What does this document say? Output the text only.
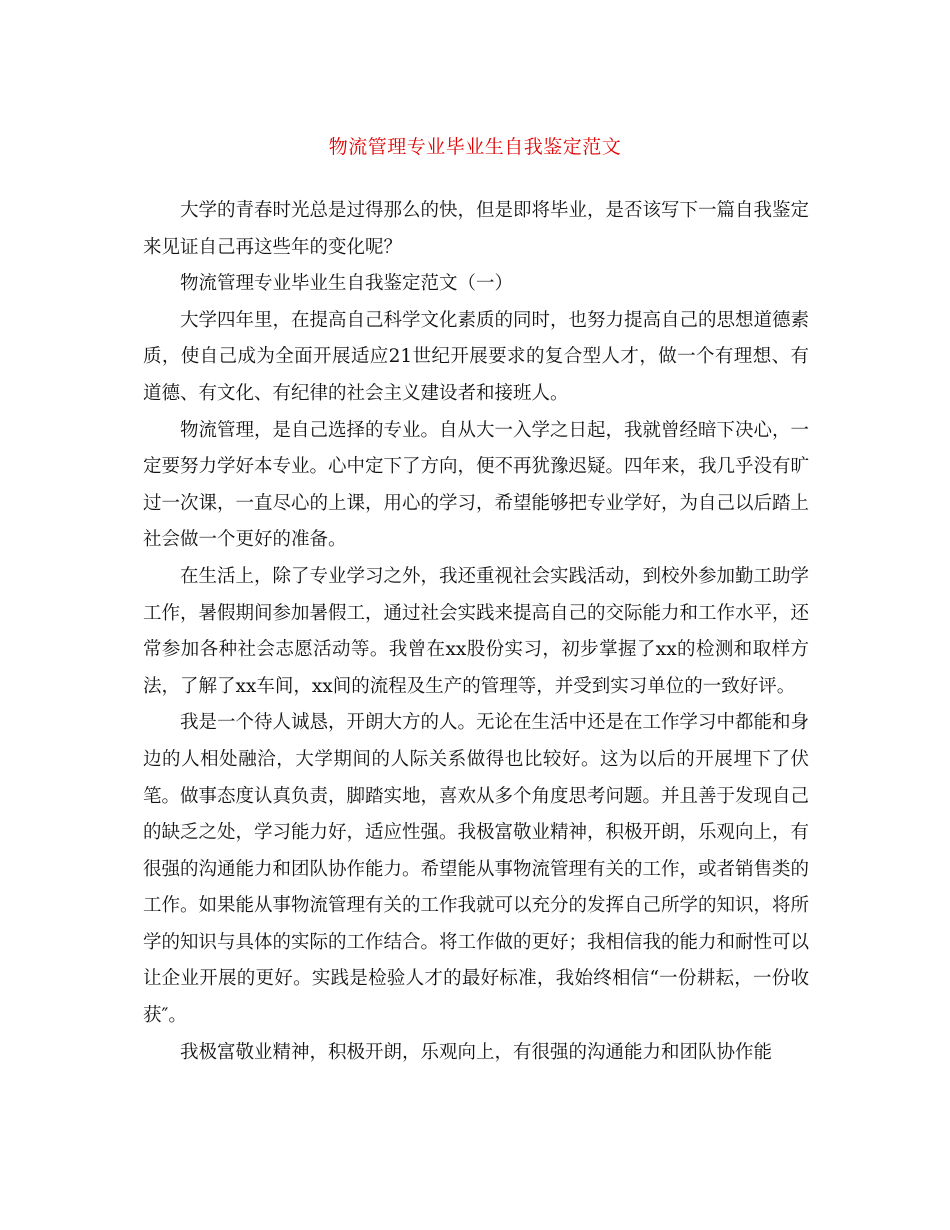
物流管理专业毕业生自我鉴定范文

大学的青春时光总是过得那么的快，但是即将毕业，是否该写下一篇自我鉴定来见证自己再这些年的变化呢？

物流管理专业毕业生自我鉴定范文（一）

大学四年里，在提高自己科学文化素质的同时，也努力提高自己的思想道德素质，使自己成为全面开展适应21世纪开展要求的复合型人才，做一个有理想、有道德、有文化、有纪律的社会主义建设者和接班人。

物流管理，是自己选择的专业。自从大一入学之日起，我就曾经暗下决心，一定要努力学好本专业。心中定下了方向，便不再犹豫迟疑。四年来，我几乎没有旷过一次课，一直尽心的上课，用心的学习，希望能够把专业学好，为自己以后踏上社会做一个更好的准备。

在生活上，除了专业学习之外，我还重视社会实践活动，到校外参加勤工助学工作，暑假期间参加暑假工，通过社会实践来提高自己的交际能力和工作水平，还常参加各种社会志愿活动等。我曾在xx股份实习，初步掌握了xx的检测和取样方法，了解了xx车间，xx间的流程及生产的管理等，并受到实习单位的一致好评。

我是一个待人诚恳，开朗大方的人。无论在生活中还是在工作学习中都能和身边的人相处融洽，大学期间的人际关系做得也比较好。这为以后的开展埋下了伏笔。做事态度认真负责，脚踏实地，喜欢从多个角度思考问题。并且善于发现自己的缺乏之处，学习能力好，适应性强。我极富敬业精神，积极开朗，乐观向上，有很强的沟通能力和团队协作能力。希望能从事物流管理有关的工作，或者销售类的工作。如果能从事物流管理有关的工作我就可以充分的发挥自己所学的知识，将所学的知识与具体的实际的工作结合。将工作做的更好；我相信我的能力和耐性可以让企业开展的更好。实践是检验人才的最好标准，我始终相信“一份耕耘，一份收获″。

我极富敬业精神，积极开朗，乐观向上，有很强的沟通能力和团队协作能
